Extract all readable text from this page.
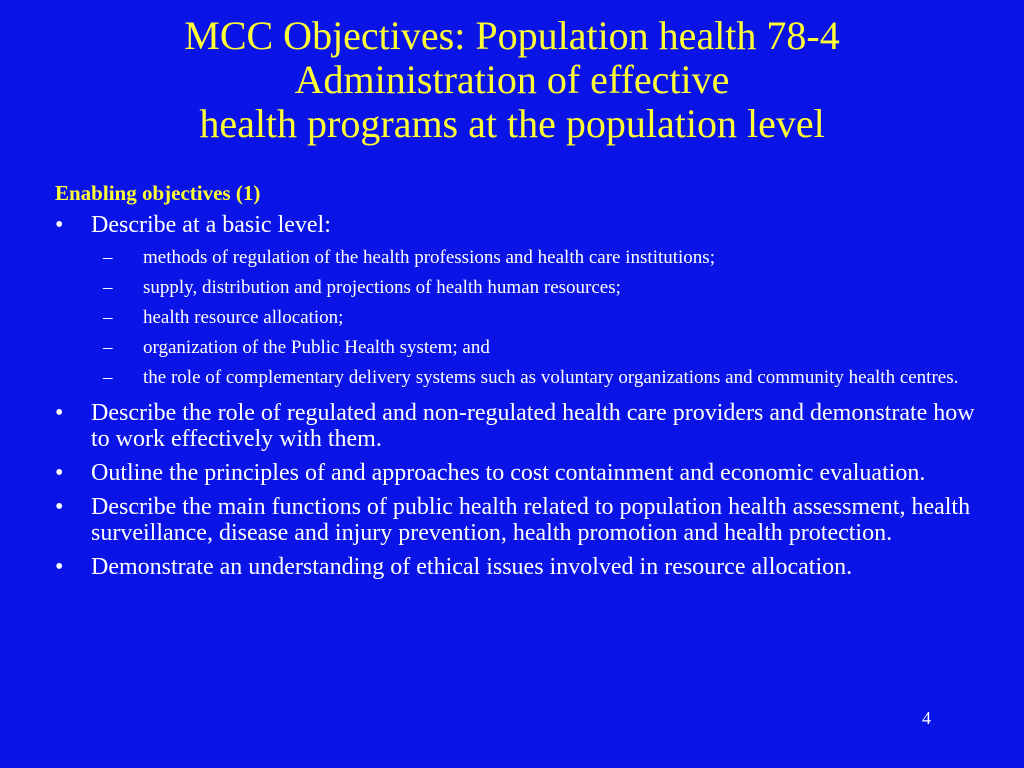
MCC Objectives: Population health 78-4
Administration of effective
health programs at the population level
Enabling objectives (1)
• Describe at a basic level:
– methods of regulation of the health professions and health care institutions;
– supply, distribution and projections of health human resources;
– health resource allocation;
– organization of the Public Health system; and
– the role of complementary delivery systems such as voluntary organizations and community health centres.
• Describe the role of regulated and non-regulated health care providers and demonstrate how to work effectively with them.
• Outline the principles of and approaches to cost containment and economic evaluation.
• Describe the main functions of public health related to population health assessment, health surveillance, disease and injury prevention, health promotion and health protection.
• Demonstrate an understanding of ethical issues involved in resource allocation.
4
